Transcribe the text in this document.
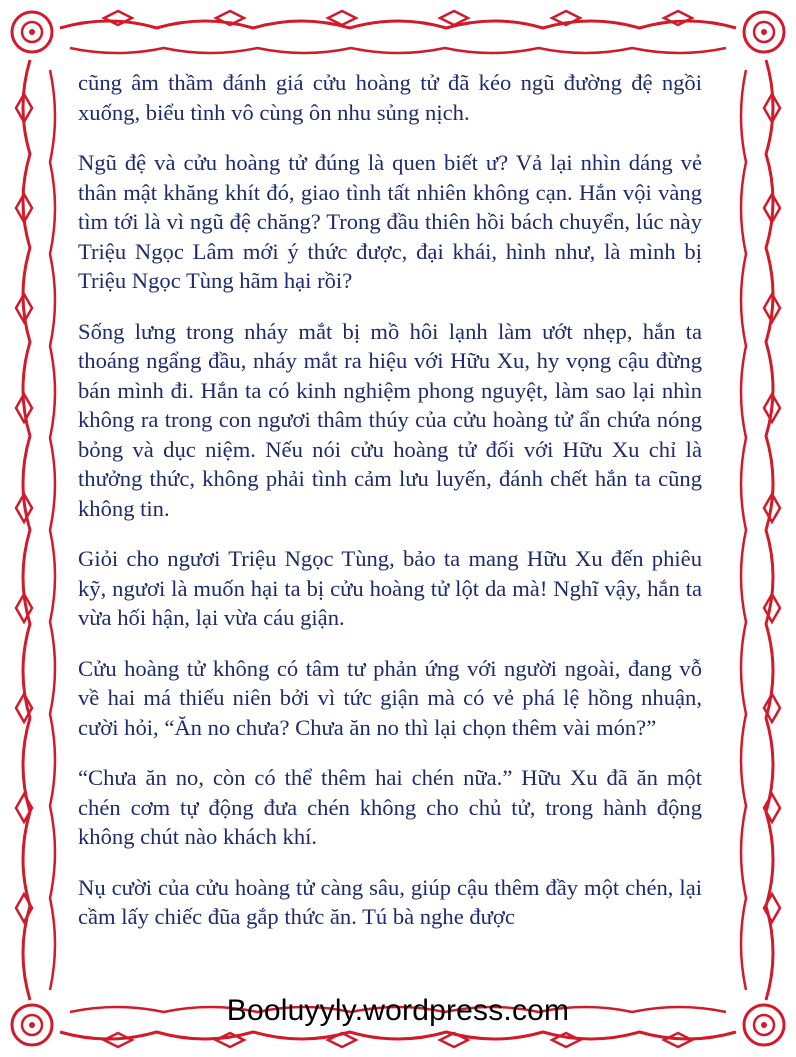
cũng âm thầm đánh giá cửu hoàng tử đã kéo ngũ đường đệ ngồi xuống, biểu tình vô cùng ôn nhu sủng nịch.

Ngũ đệ và cửu hoàng tử đúng là quen biết ư? Vả lại nhìn dáng vẻ thân mật khăng khít đó, giao tình tất nhiên không cạn. Hắn vội vàng tìm tới là vì ngũ đệ chăng? Trong đầu thiên hồi bách chuyển, lúc này Triệu Ngọc Lâm mới ý thức được, đại khái, hình như, là mình bị Triệu Ngọc Tùng hãm hại rồi?

Sống lưng trong nháy mắt bị mồ hôi lạnh làm ướt nhẹp, hắn ta thoáng ngẩng đầu, nháy mắt ra hiệu với Hữu Xu, hy vọng cậu đừng bán mình đi. Hắn ta có kinh nghiệm phong nguyệt, làm sao lại nhìn không ra trong con ngươi thâm thúy của cửu hoàng tử ẩn chứa nóng bỏng và dục niệm. Nếu nói cửu hoàng tử đối với Hữu Xu chỉ là thưởng thức, không phải tình cảm lưu luyến, đánh chết hắn ta cũng không tin.

Giỏi cho ngươi Triệu Ngọc Tùng, bảo ta mang Hữu Xu đến phiêu kỹ, ngươi là muốn hại ta bị cửu hoàng tử lột da mà! Nghĩ vậy, hắn ta vừa hối hận, lại vừa cáu giận.

Cửu hoàng tử không có tâm tư phản ứng với người ngoài, đang vỗ về hai má thiếu niên bởi vì tức giận mà có vẻ phá lệ hồng nhuận, cười hỏi, “Ăn no chưa? Chưa ăn no thì lại chọn thêm vài món?”

“Chưa ăn no, còn có thể thêm hai chén nữa.” Hữu Xu đã ăn một chén cơm tự động đưa chén không cho chủ tử, trong hành động không chút nào khách khí.

Nụ cười của cửu hoàng tử càng sâu, giúp cậu thêm đầy một chén, lại cầm lấy chiếc đũa gắp thức ăn. Tú bà nghe được

Booluyyly.wordpress.com
